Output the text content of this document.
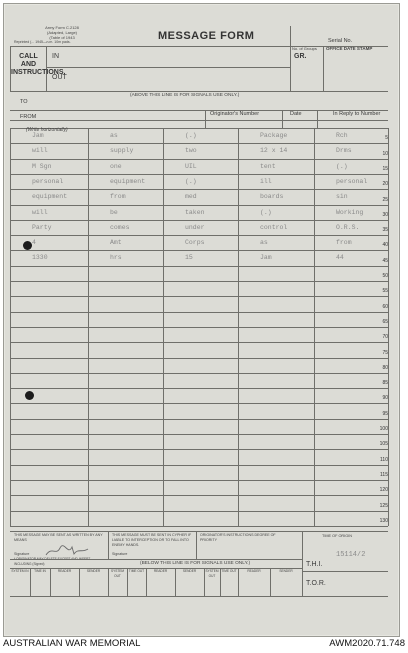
Army Form C.2128
(Adapted, Large)
(Table of 1943
Reprinted (... 1945—n.m. 10m pads.	MESSAGE FORM	Serial No.
CALL AND INSTRUCTIONS.
IN
OUT
No. of Groups
GR.
OFFICE DATE STAMP
(ABOVE THIS LINE IS FOR SIGNALS USE ONLY.)
TO
FROM	Originator's Number	Date	In Reply to Number
(Write horizontally)
5
10
15
20
25
30
35
40
45
50
55
60
65
70
75
80
85
90
95
100
105
110
115
120
125
130
Jam	as	(.)	Package	Rch
will	supply	two	12 x 14	Drms
M Sgn	one	UIL	tent	(.)
personal	equipment	(.)	ill	personal
equipment	from	med	boards	sin
will	be	taken	(.)	Working
Party	comes	under	control	O.R.S.
4	Amt	Corps	as	from
1330	hrs	15	Jam	44
THIS MESSAGE MAY BE SENT AS WRITTEN BY ANY MEANS
Signature
* ORIGINATOR MAY DELETE EXCEPT AND INSERT INCLUDING (Signed)
THIS MESSAGE MUST BE SENT IN CYPHER IF LIABLE TO INTERCEPTION OR TO FALL INTO ENEMY HANDS.
Signature
ORIGINATOR'S INSTRUCTIONS DEGREE OF PRIORITY
TIME OF ORIGIN
15114/2
(BELOW THIS LINE IS FOR SIGNALS USE ONLY.)	T.H.I.
T.O.R.
SYSTEM IN	TIME IN	READER	SENDER	SYSTEM OUT
TIME OUT	READER	SENDER	SYSTEM OUT
TIME OUT	READER	SENDER
AUSTRALIAN WAR MEMORIAL	AWM2020.71.748
